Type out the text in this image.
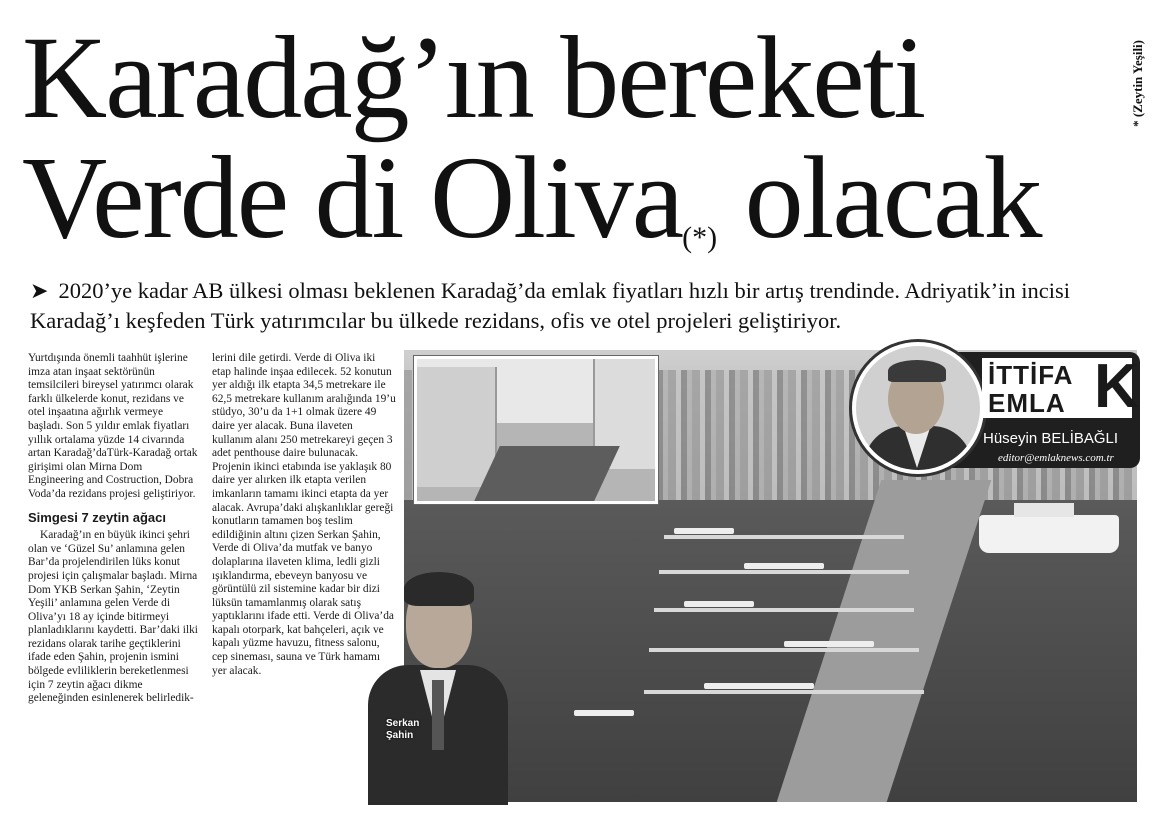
Karadağ’ın bereketi
Verde di Oliva(*) olacak
* (Zeytin Yeşili)
➤ 2020’ye kadar AB ülkesi olması beklenen Karadağ’da emlak fiyatları hızlı bir artış trendinde. Adriyatik’in incisi Karadağ’ı keşfeden Türk yatırımcılar bu ülkede rezidans, ofis ve otel projeleri geliştiriyor.

Yurtdışında önemli taahhüt işlerine imza atan inşaat sektörünün temsilcileri bireysel yatırımcı olarak farklı ülkelerde konut, rezidans ve otel inşaatına ağırlık vermeye başladı. Son 5 yıldır emlak fiyatları yıllık ortalama yüzde 14 civarında artan Karadağ’daTürk-Karadağ ortak girişimi olan Mirna Dom Engineering and Costruction, Dobra Voda’da rezidans projesi geliştiriyor.

Simgesi 7 zeytin ağacı

Karadağ’ın en büyük ikinci şehri olan ve ‘Güzel Su’ anlamına gelen Bar’da projelendirilen lüks konut projesi için çalışmalar başladı. Mirna Dom YKB Serkan Şahin, ‘Zeytin Yeşili’ anlamına gelen Verde di Oliva’yı 18 ay içinde bitirmeyi planladıklarını kaydetti. Bar’daki ilki rezidans olarak tarihe geçtiklerini ifade eden Şahin, projenin ismini bölgede evliliklerin bereketlenmesi için 7 zeytin ağacı dikme geleneğinden esinlenerek belirledik-

lerini dile getirdi. Verde di Oliva iki etap halinde inşaa edilecek. 52 konutun yer aldığı ilk etapta 34,5 metrekare ile 62,5 metrekare kullanım aralığında 19’u stüdyo, 30’u da 1+1 olmak üzere 49 daire yer alacak. Buna ilaveten kullanım alanı 250 metrekareyi geçen 3 adet penthouse daire bulunacak. Projenin ikinci etabında ise yaklaşık 80 daire yer alırken ilk etapta verilen imkanların tamamı ikinci etapta da yer alacak. Avrupa’daki alışkanlıklar gereği konutların tamamen boş teslim edildiğinin altını çizen Serkan Şahin, Verde di Oliva’da mutfak ve banyo dolaplarına ilaveten klima, ledli gizli ışıklandırma, ebeveyn banyosu ve görüntülü zil sistemine kadar bir dizi lüksün tamamlanmış olarak satış yaptıklarını ifade etti. Verde di Oliva’da kapalı otorpark, kat bahçeleri, açık ve kapalı yüzme havuzu, fitness salonu, cep sineması, sauna ve Türk hamamı yer alacak.

Serkan
Şahin
İTTİFA
EMLA K
Hüseyin BELİBAĞLI
editor@emlaknews.com.tr
